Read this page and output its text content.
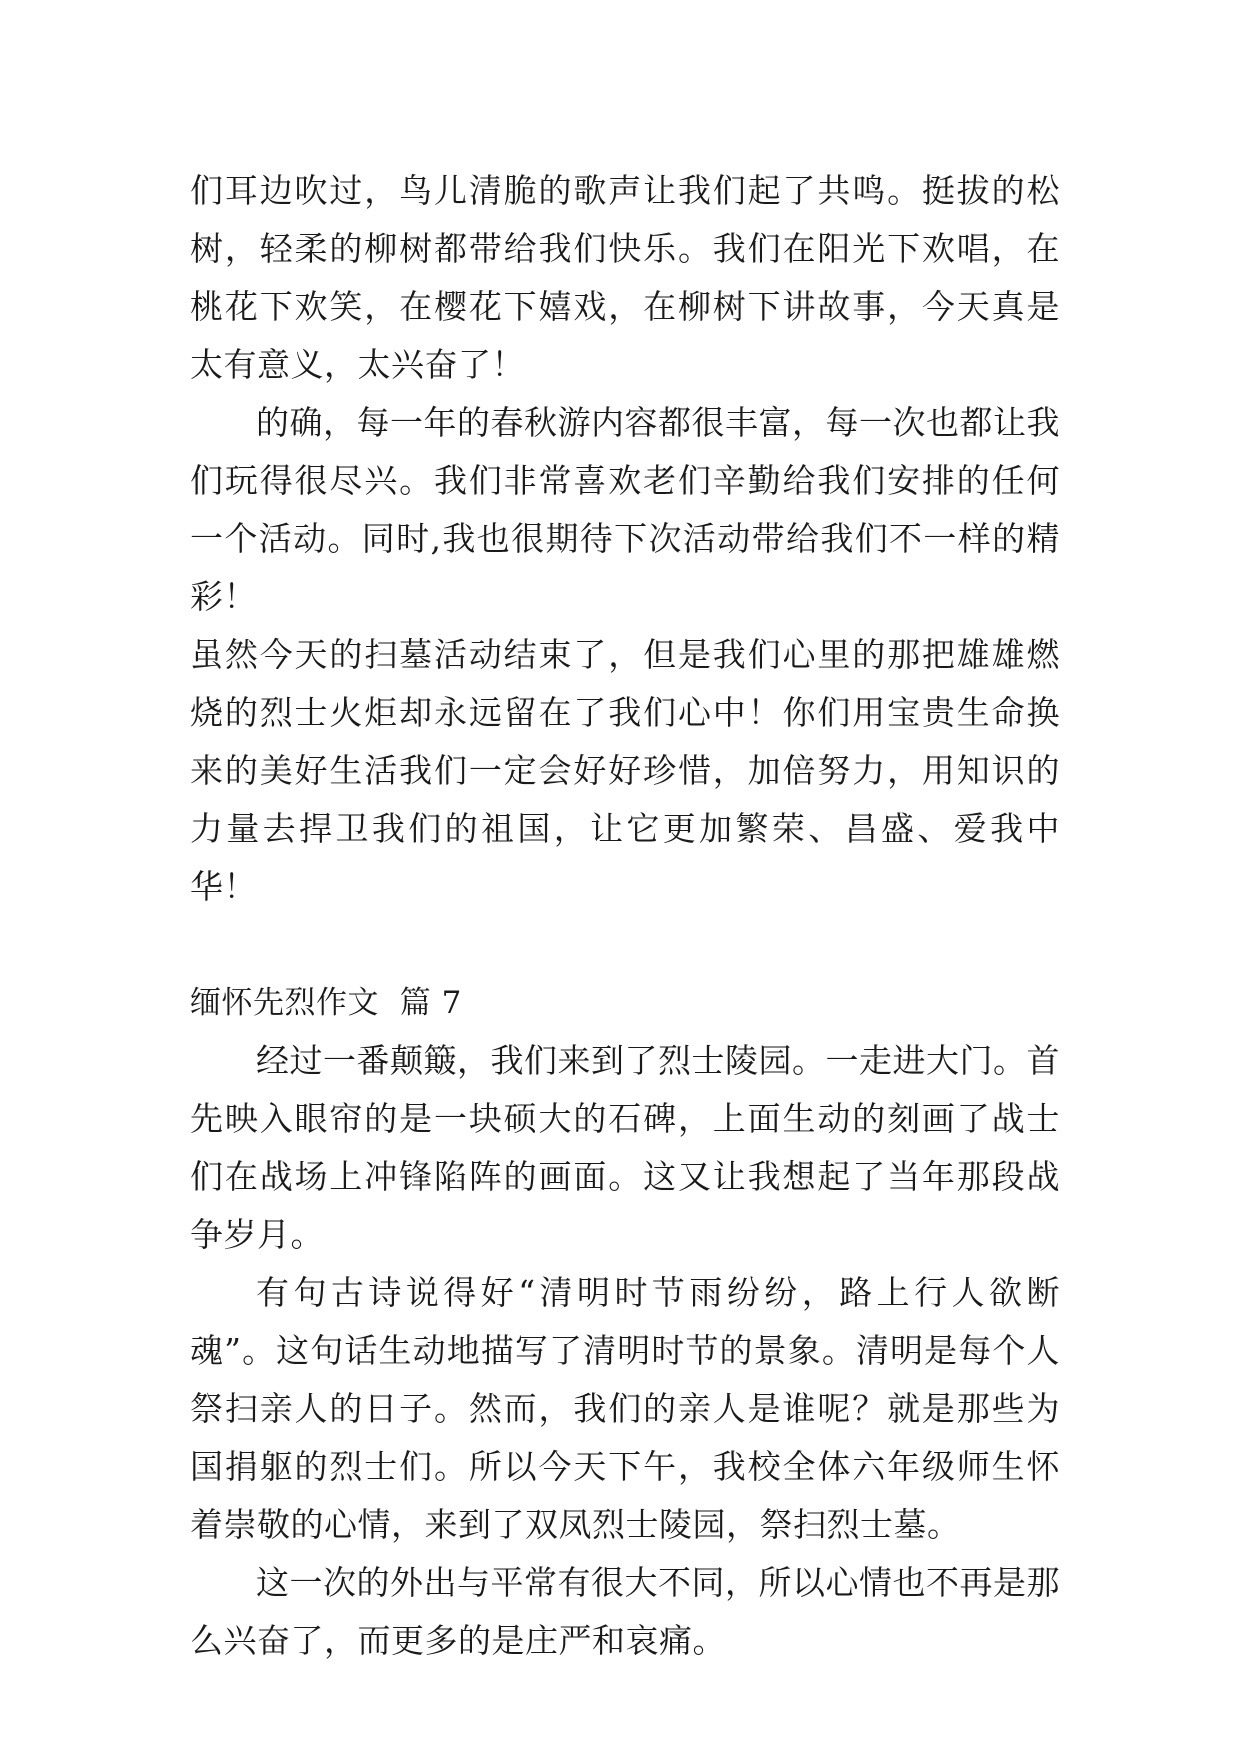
们耳边吹过，鸟儿清脆的歌声让我们起了共鸣。挺拔的松树，轻柔的柳树都带给我们快乐。我们在阳光下欢唱，在桃花下欢笑，在樱花下嬉戏，在柳树下讲故事，今天真是太有意义，太兴奋了！

的确，每一年的春秋游内容都很丰富，每一次也都让我们玩得很尽兴。我们非常喜欢老们辛勤给我们安排的任何一个活动。同时,我也很期待下次活动带给我们不一样的精彩！

虽然今天的扫墓活动结束了，但是我们心里的那把雄雄燃烧的烈士火炬却永远留在了我们心中！你们用宝贵生命换来的美好生活我们一定会好好珍惜，加倍努力，用知识的力量去捍卫我们的祖国，让它更加繁荣、昌盛、爱我中华！

缅怀先烈作文 篇 7

经过一番颠簸，我们来到了烈士陵园。一走进大门。首先映入眼帘的是一块硕大的石碑，上面生动的刻画了战士们在战场上冲锋陷阵的画面。这又让我想起了当年那段战争岁月。

有句古诗说得好“清明时节雨纷纷，路上行人欲断魂”。这句话生动地描写了清明时节的景象。清明是每个人祭扫亲人的日子。然而，我们的亲人是谁呢？就是那些为国捐躯的烈士们。所以今天下午，我校全体六年级师生怀着崇敬的心情，来到了双凤烈士陵园，祭扫烈士墓。

这一次的外出与平常有很大不同，所以心情也不再是那么兴奋了，而更多的是庄严和哀痛。
